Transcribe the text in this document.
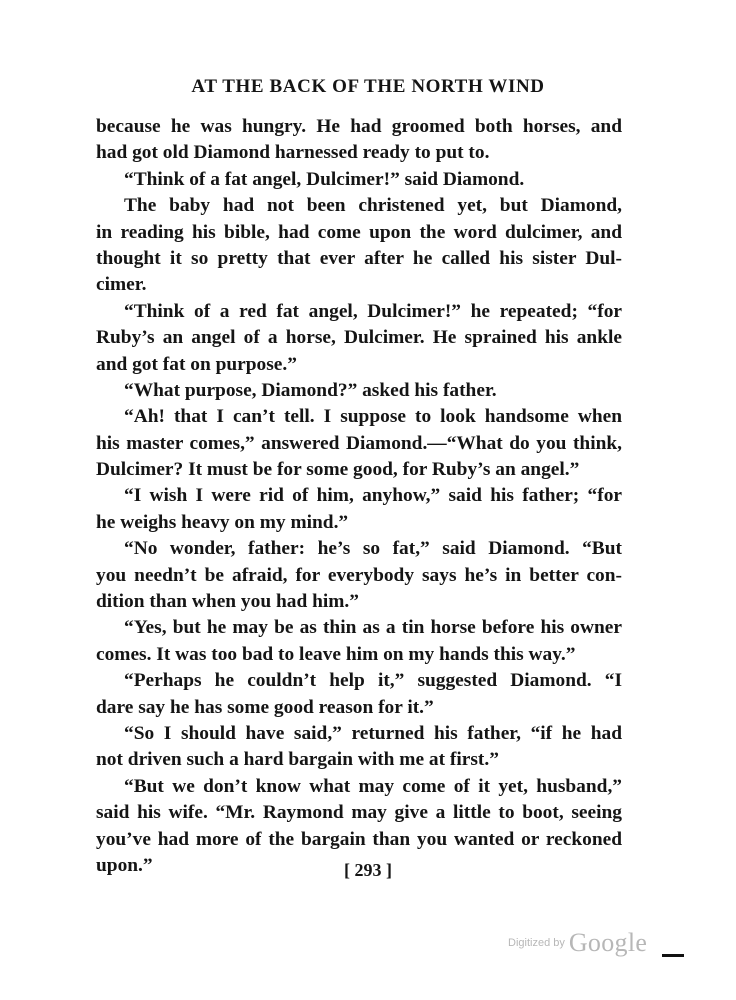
AT THE BACK OF THE NORTH WIND
because he was hungry. He had groomed both horses, and
had got old Diamond harnessed ready to put to.
“Think of a fat angel, Dulcimer!” said Diamond.
The baby had not been christened yet, but Diamond,
in reading his bible, had come upon the word dulcimer, and
thought it so pretty that ever after he called his sister Dul-
cimer.
“Think of a red fat angel, Dulcimer!” he repeated; “for
Ruby’s an angel of a horse, Dulcimer. He sprained his ankle
and got fat on purpose.”
“What purpose, Diamond?” asked his father.
“Ah! that I can’t tell. I suppose to look handsome when
his master comes,” answered Diamond.—“What do you think,
Dulcimer? It must be for some good, for Ruby’s an angel.”
“I wish I were rid of him, anyhow,” said his father; “for
he weighs heavy on my mind.”
“No wonder, father: he’s so fat,” said Diamond. “But
you needn’t be afraid, for everybody says he’s in better con-
dition than when you had him.”
“Yes, but he may be as thin as a tin horse before his owner
comes. It was too bad to leave him on my hands this way.”
“Perhaps he couldn’t help it,” suggested Diamond. “I
dare say he has some good reason for it.”
“So I should have said,” returned his father, “if he had
not driven such a hard bargain with me at first.”
“But we don’t know what may come of it yet, husband,”
said his wife. “Mr. Raymond may give a little to boot, seeing
you’ve had more of the bargain than you wanted or reckoned
upon.”	[ 293 ]
Digitized by Google
